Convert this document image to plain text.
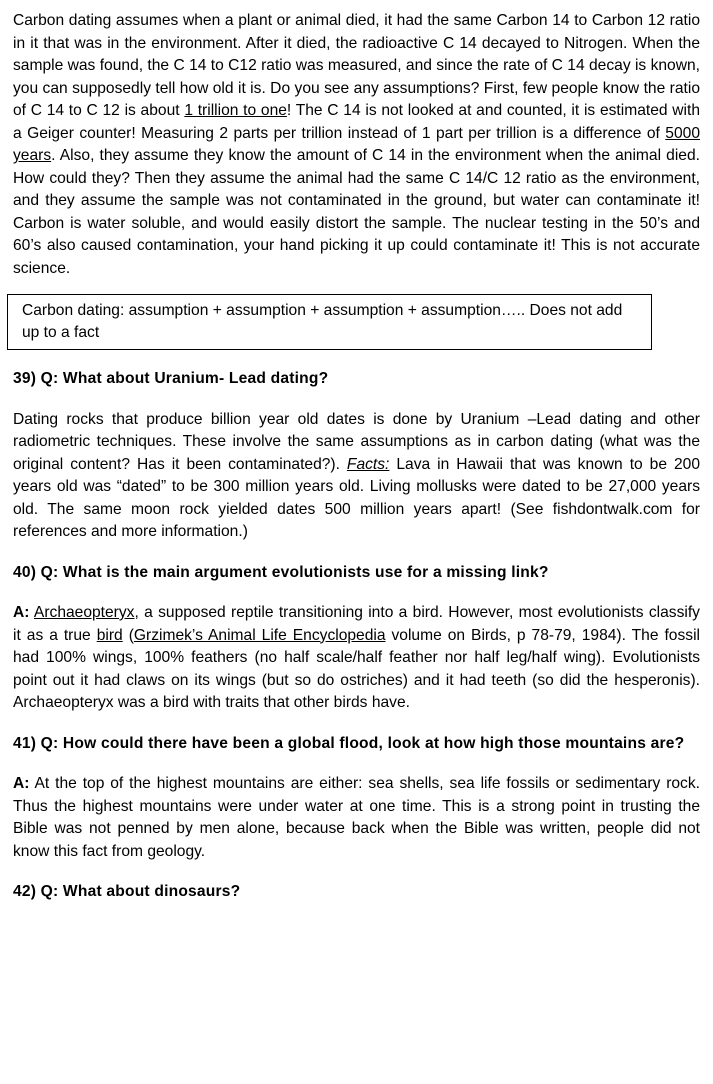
Carbon dating assumes when a plant or animal died, it had the same Carbon 14 to Carbon 12 ratio in it that was in the environment. After it died, the radioactive C 14 decayed to Nitrogen. When the sample was found, the C 14 to C12 ratio was measured, and since the rate of C 14 decay is known, you can supposedly tell how old it is. Do you see any assumptions? First, few people know the ratio of C 14 to C 12 is about 1 trillion to one! The C 14 is not looked at and counted, it is estimated with a Geiger counter! Measuring 2 parts per trillion instead of 1 part per trillion is a difference of 5000 years. Also, they assume they know the amount of C 14 in the environment when the animal died. How could they? Then they assume the animal had the same C 14/C 12 ratio as the environment, and they assume the sample was not contaminated in the ground, but water can contaminate it! Carbon is water soluble, and would easily distort the sample. The nuclear testing in the 50’s and 60’s also caused contamination, your hand picking it up could contaminate it! This is not accurate science.

Carbon dating: assumption + assumption + assumption + assumption….. Does not add up to a fact

39) Q: What about Uranium- Lead dating?

Dating rocks that produce billion year old dates is done by Uranium –Lead dating and other radiometric techniques. These involve the same assumptions as in carbon dating (what was the original content? Has it been contaminated?). Facts: Lava in Hawaii that was known to be 200 years old was “dated” to be 300 million years old. Living mollusks were dated to be 27,000 years old. The same moon rock yielded dates 500 million years apart! (See fishdontwalk.com for references and more information.)

40) Q: What is the main argument evolutionists use for a missing link?

A: Archaeopteryx, a supposed reptile transitioning into a bird. However, most evolutionists classify it as a true bird (Grzimek’s Animal Life Encyclopedia volume on Birds, p 78-79, 1984). The fossil had 100% wings, 100% feathers (no half scale/half feather nor half leg/half wing). Evolutionists point out it had claws on its wings (but so do ostriches) and it had teeth (so did the hesperonis). Archaeopteryx was a bird with traits that other birds have.

41) Q: How could there have been a global flood, look at how high those mountains are?

A: At the top of the highest mountains are either: sea shells, sea life fossils or sedimentary rock. Thus the highest mountains were under water at one time. This is a strong point in trusting the Bible was not penned by men alone, because back when the Bible was written, people did not know this fact from geology.

42) Q: What about dinosaurs?
